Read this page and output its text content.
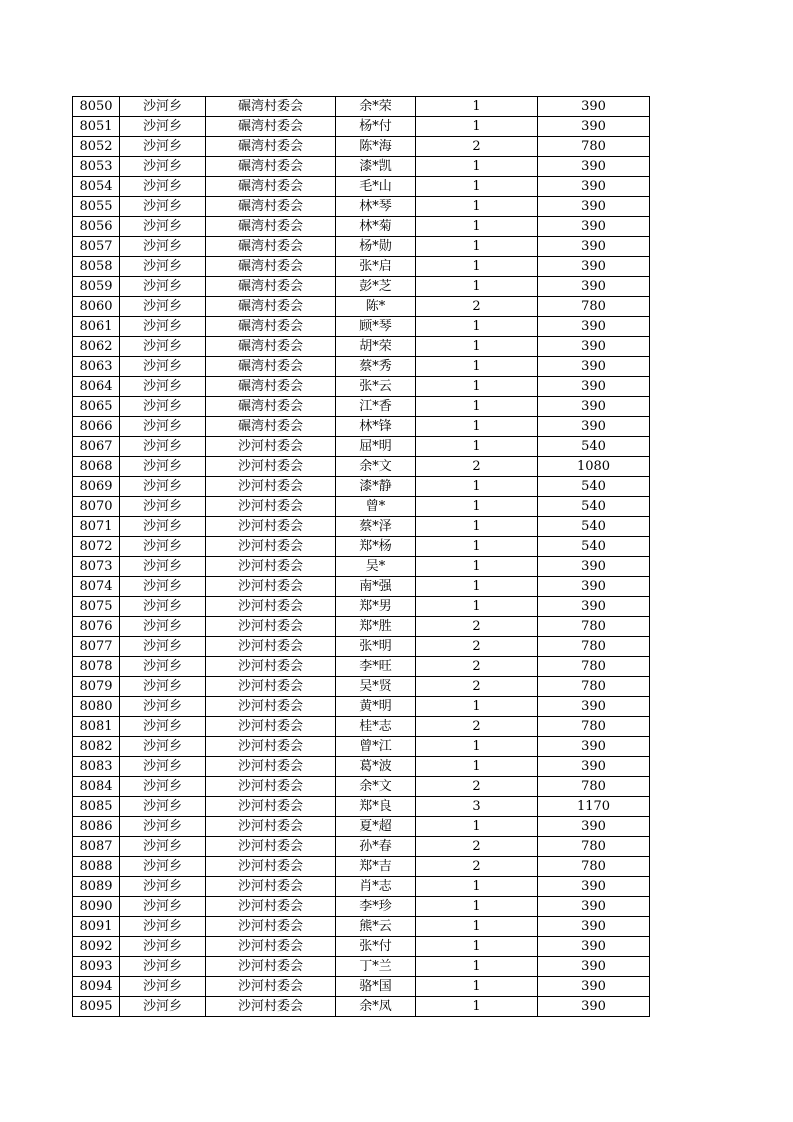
8050	沙河乡	碾湾村委会	余*荣	1	390
8051	沙河乡	碾湾村委会	杨*付	1	390
8052	沙河乡	碾湾村委会	陈*海	2	780
8053	沙河乡	碾湾村委会	漆*凯	1	390
8054	沙河乡	碾湾村委会	毛*山	1	390
8055	沙河乡	碾湾村委会	林*琴	1	390
8056	沙河乡	碾湾村委会	林*菊	1	390
8057	沙河乡	碾湾村委会	杨*勋	1	390
8058	沙河乡	碾湾村委会	张*启	1	390
8059	沙河乡	碾湾村委会	彭*芝	1	390
8060	沙河乡	碾湾村委会	陈*	2	780
8061	沙河乡	碾湾村委会	顾*琴	1	390
8062	沙河乡	碾湾村委会	胡*荣	1	390
8063	沙河乡	碾湾村委会	蔡*秀	1	390
8064	沙河乡	碾湾村委会	张*云	1	390
8065	沙河乡	碾湾村委会	江*香	1	390
8066	沙河乡	碾湾村委会	林*锋	1	390
8067	沙河乡	沙河村委会	屈*明	1	540
8068	沙河乡	沙河村委会	余*文	2	1080
8069	沙河乡	沙河村委会	漆*静	1	540
8070	沙河乡	沙河村委会	曾*	1	540
8071	沙河乡	沙河村委会	蔡*泽	1	540
8072	沙河乡	沙河村委会	郑*杨	1	540
8073	沙河乡	沙河村委会	吴*	1	390
8074	沙河乡	沙河村委会	南*强	1	390
8075	沙河乡	沙河村委会	郑*男	1	390
8076	沙河乡	沙河村委会	郑*胜	2	780
8077	沙河乡	沙河村委会	张*明	2	780
8078	沙河乡	沙河村委会	李*旺	2	780
8079	沙河乡	沙河村委会	吴*贤	2	780
8080	沙河乡	沙河村委会	黄*明	1	390
8081	沙河乡	沙河村委会	桂*志	2	780
8082	沙河乡	沙河村委会	曾*江	1	390
8083	沙河乡	沙河村委会	葛*波	1	390
8084	沙河乡	沙河村委会	余*文	2	780
8085	沙河乡	沙河村委会	郑*良	3	1170
8086	沙河乡	沙河村委会	夏*超	1	390
8087	沙河乡	沙河村委会	孙*春	2	780
8088	沙河乡	沙河村委会	郑*吉	2	780
8089	沙河乡	沙河村委会	肖*志	1	390
8090	沙河乡	沙河村委会	李*珍	1	390
8091	沙河乡	沙河村委会	熊*云	1	390
8092	沙河乡	沙河村委会	张*付	1	390
8093	沙河乡	沙河村委会	丁*兰	1	390
8094	沙河乡	沙河村委会	骆*国	1	390
8095	沙河乡	沙河村委会	余*凤	1	390
